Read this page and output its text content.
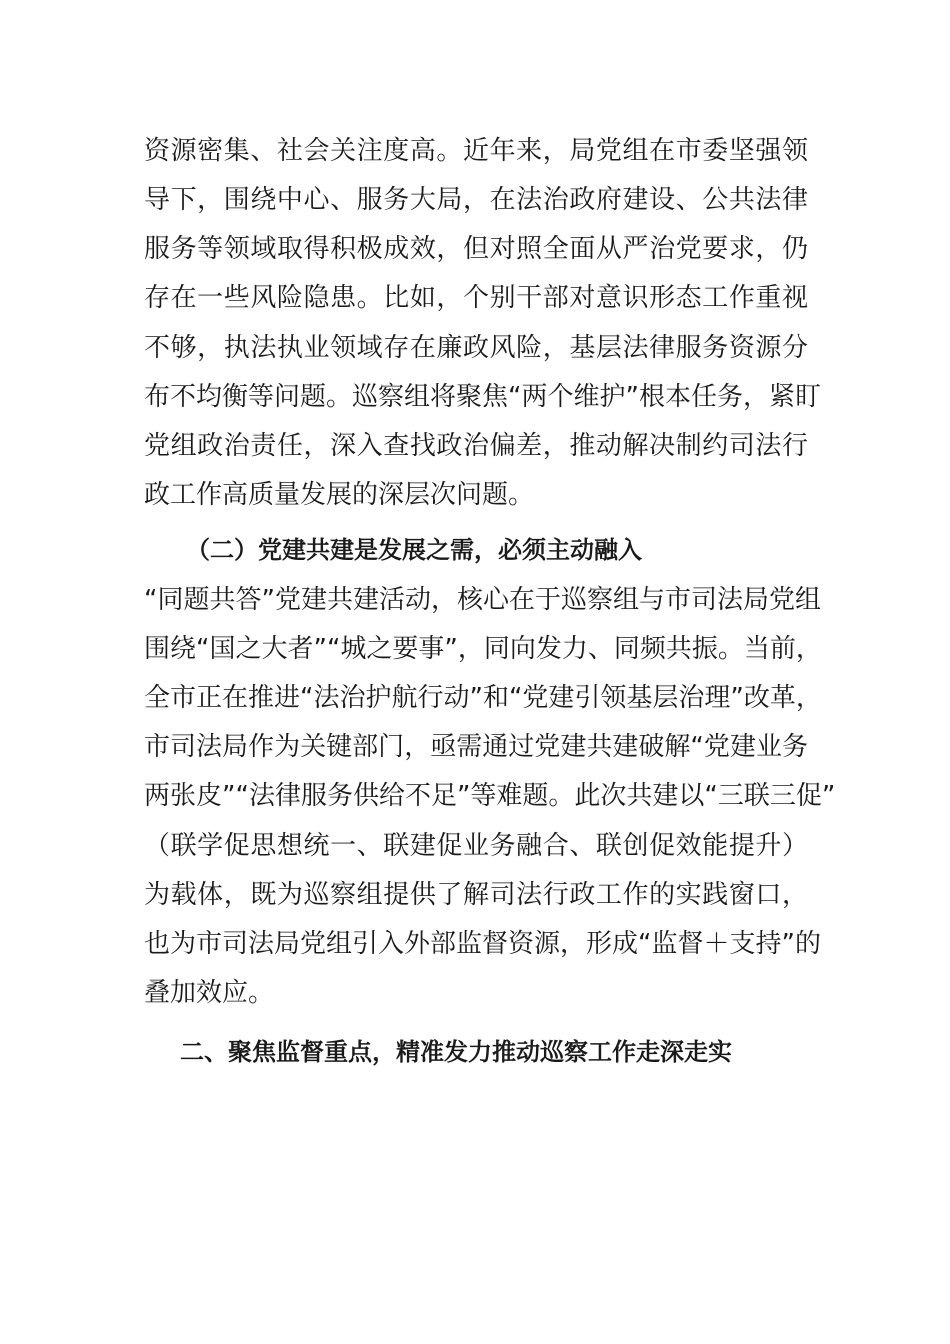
资源密集、社会关注度高。近年来，局党组在市委坚强领
导下，围绕中心、服务大局，在法治政府建设、公共法律
服务等领域取得积极成效，但对照全面从严治党要求，仍
存在一些风险隐患。比如，个别干部对意识形态工作重视
不够，执法执业领域存在廉政风险，基层法律服务资源分
布不均衡等问题。巡察组将聚焦“两个维护”根本任务，紧盯
党组政治责任，深入查找政治偏差，推动解决制约司法行
政工作高质量发展的深层次问题。
（二）党建共建是发展之需，必须主动融入
“同题共答”党建共建活动，核心在于巡察组与市司法局党组
围绕“国之大者”“城之要事”，同向发力、同频共振。当前，
全市正在推进“法治护航行动”和“党建引领基层治理”改革，
市司法局作为关键部门，亟需通过党建共建破解“党建业务
两张皮”“法律服务供给不足”等难题。此次共建以“三联三促”
（联学促思想统一、联建促业务融合、联创促效能提升）
为载体，既为巡察组提供了解司法行政工作的实践窗口，
也为市司法局党组引入外部监督资源，形成“监督＋支持”的
叠加效应。
二、聚焦监督重点，精准发力推动巡察工作走深走实
